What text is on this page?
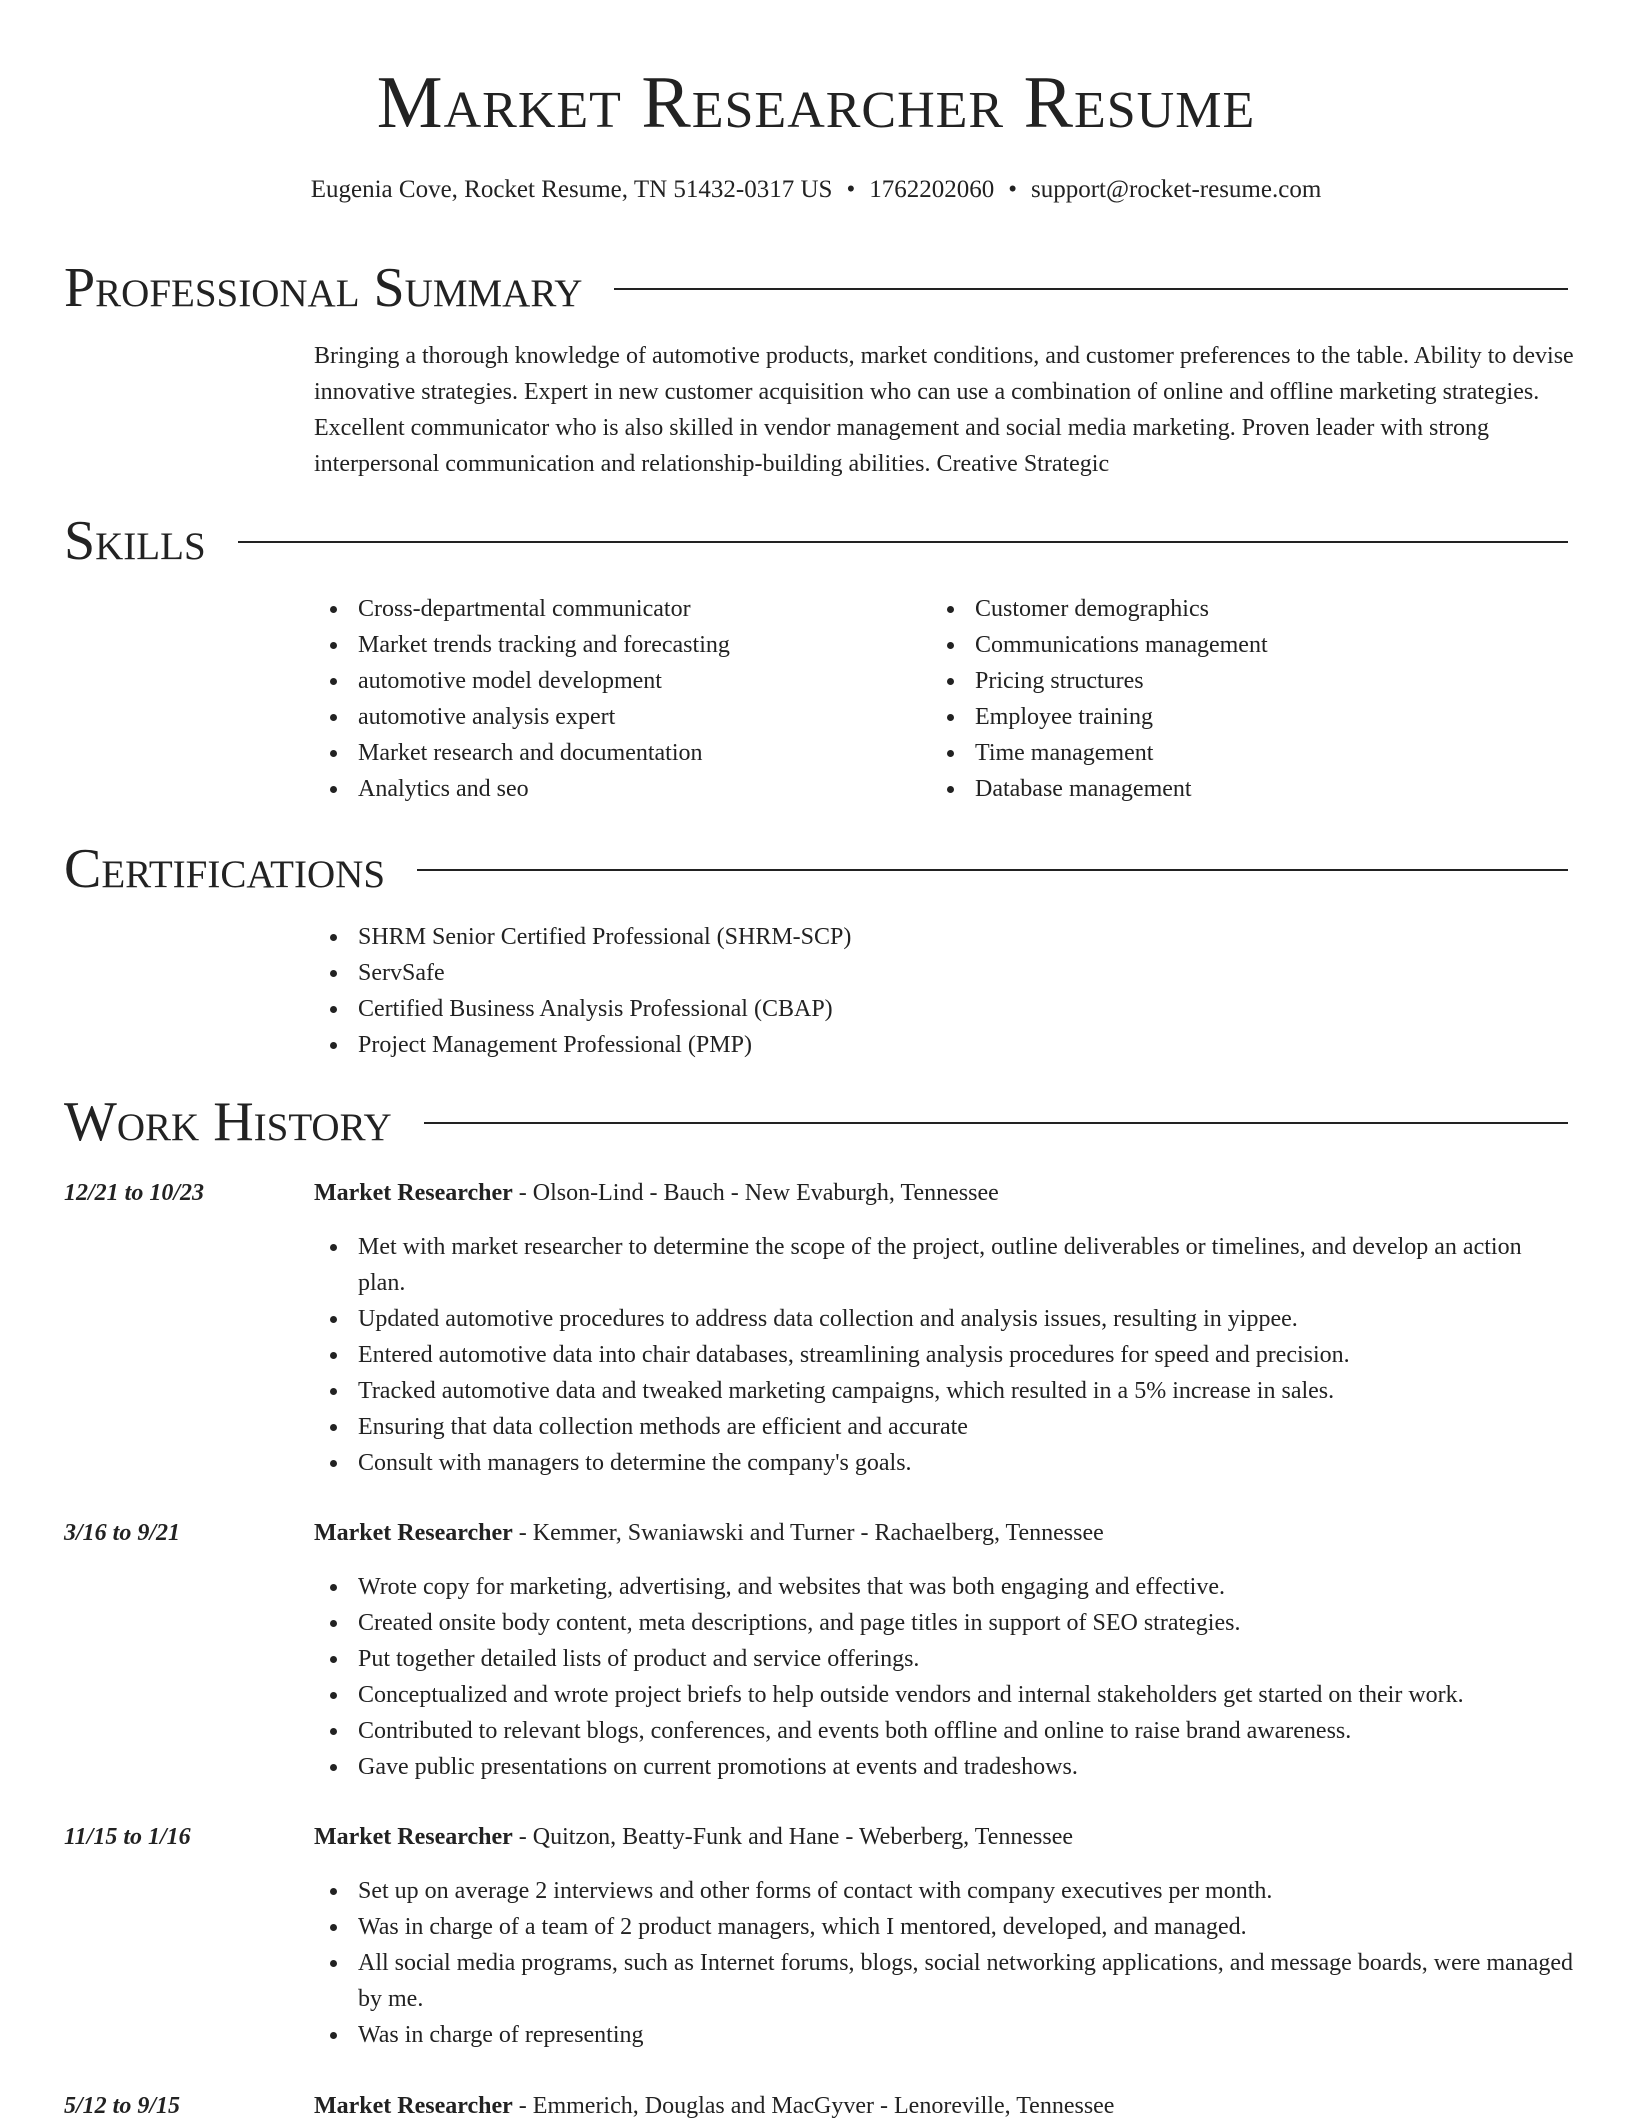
Market Researcher Resume
Eugenia Cove, Rocket Resume, TN 51432-0317 US • 1762202060 • support@rocket-resume.com
Professional Summary

Bringing a thorough knowledge of automotive products, market conditions, and customer preferences to the table. Ability to devise innovative strategies. Expert in new customer acquisition who can use a combination of online and offline marketing strategies. Excellent communicator who is also skilled in vendor management and social media marketing. Proven leader with strong interpersonal communication and relationship-building abilities. Creative Strategic

Skills
Cross-departmental communicator
Market trends tracking and forecasting
automotive model development
automotive analysis expert
Market research and documentation
Analytics and seo
Customer demographics
Communications management
Pricing structures
Employee training
Time management
Database management
Certifications
SHRM Senior Certified Professional (SHRM-SCP)
ServSafe
Certified Business Analysis Professional (CBAP)
Project Management Professional (PMP)
Work History
12/21 to 10/23	Market Researcher - Olson-Lind - Bauch - New Evaburgh, Tennessee
Met with market researcher to determine the scope of the project, outline deliverables or timelines, and develop an action plan.
Updated automotive procedures to address data collection and analysis issues, resulting in yippee.
Entered automotive data into chair databases, streamlining analysis procedures for speed and precision.
Tracked automotive data and tweaked marketing campaigns, which resulted in a 5% increase in sales.
Ensuring that data collection methods are efficient and accurate
Consult with managers to determine the company's goals.
3/16 to 9/21	Market Researcher - Kemmer, Swaniawski and Turner - Rachaelberg, Tennessee
Wrote copy for marketing, advertising, and websites that was both engaging and effective.
Created onsite body content, meta descriptions, and page titles in support of SEO strategies.
Put together detailed lists of product and service offerings.
Conceptualized and wrote project briefs to help outside vendors and internal stakeholders get started on their work.
Contributed to relevant blogs, conferences, and events both offline and online to raise brand awareness.
Gave public presentations on current promotions at events and tradeshows.
11/15 to 1/16	Market Researcher - Quitzon, Beatty-Funk and Hane - Weberberg, Tennessee
Set up on average 2 interviews and other forms of contact with company executives per month.
Was in charge of a team of 2 product managers, which I mentored, developed, and managed.
All social media programs, such as Internet forums, blogs, social networking applications, and message boards, were managed by me.
Was in charge of representing
5/12 to 9/15	Market Researcher - Emmerich, Douglas and MacGyver - Lenoreville, Tennessee
